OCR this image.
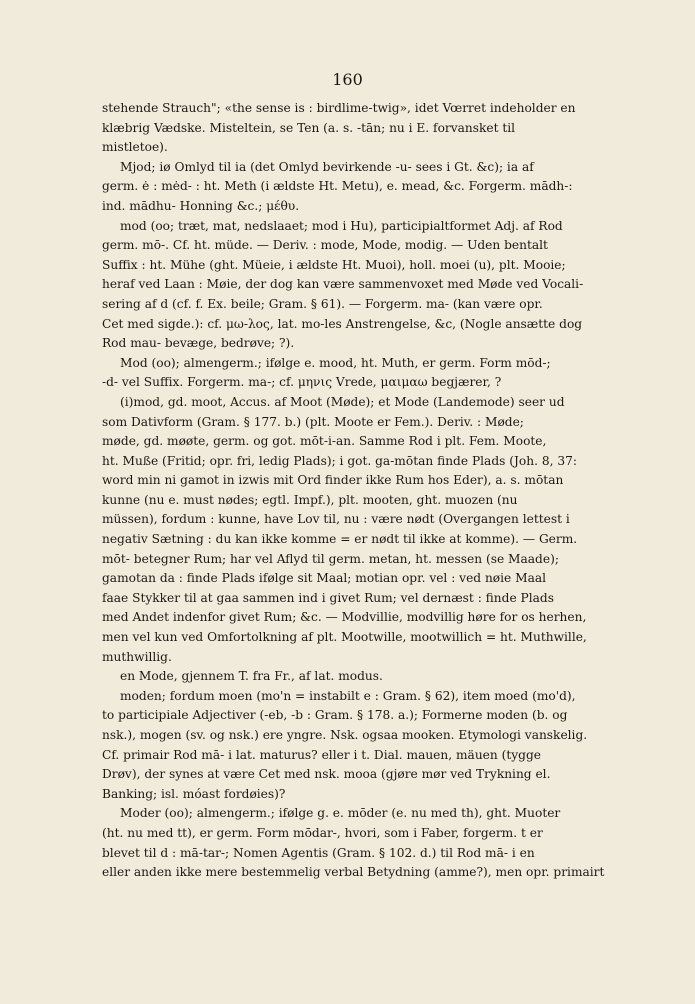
160
stehende Strauch"; «the sense is : birdlime-twig», idet Vœrret indeholder en
klæbrig Vædske. Misteltein, se Ten (a. s. -tān; nu i E. forvansket til
mistletoe).
Mjod; iø Omlyd til ia (det Omlyd bevirkende -u- sees i Gt. &c); ia af
germ. ė : mėd- : ht. Meth (i ældste Ht. Metu), e. mead, &c. Forgerm. mādh-:
ind. mādhu- Honning &c.; μέθυ.
mod (oo; træt, mat, nedslaaet; mod i Hu), participialtformet Adj. af Rod
germ. mō-. Cf. ht. müde. — Deriv. : mode, Mode, modig. — Uden bentalt
Suffix : ht. Mühe (ght. Müeie, i ældste Ht. Muoi), holl. moei (u), plt. Mooie;
heraf ved Laan : Møie, der dog kan være sammenvoxet med Møde ved Vocali-
sering af d (cf. f. Ex. beile; Gram. § 61). — Forgerm. ma- (kan være opr.
Cet med sigde.): cf. μω-λος, lat. mo-les Anstrengelse, &c, (Nogle ansætte dog
Rod mau- bevæge, bedrøve; ?).
Mod (oo); almengerm.; ifølge e. mood, ht. Muth, er germ. Form mōd-;
-d- vel Suffix. Forgerm. ma-; cf. μηνις Vrede, μαιμαω begjærer, ?
(i)mod, gd. moot, Accus. af Moot (Møde); et Mode (Landemode) seer ud
som Dativform (Gram. § 177. b.) (plt. Moote er Fem.). Deriv. : Møde;
møde, gd. møøte, germ. og got. mōt-i-an. Samme Rod i plt. Fem. Moote,
ht. Muße (Fritid; opr. fri, ledig Plads); i got. ga-mōtan finde Plads (Joh. 8, 37:
word min ni gamot in izwis mit Ord finder ikke Rum hos Eder), a. s. mōtan
kunne (nu e. must nødes; egtl. Impf.), plt. mooten, ght. muozen (nu
müssen), fordum : kunne, have Lov til, nu : være nødt (Overgangen lettest i
negativ Sætning : du kan ikke komme = er nødt til ikke at komme). — Germ.
mōt- betegner Rum; har vel Aflyd til germ. metan, ht. messen (se Maade);
gamotan da : finde Plads ifølge sit Maal; motian opr. vel : ved nøie Maal
faae Stykker til at gaa sammen ind i givet Rum; vel dernæst : finde Plads
med Andet indenfor givet Rum; &c. — Modvillie, modvillig høre for os herhen,
men vel kun ved Omfortolkning af plt. Mootwille, mootwillich = ht. Muthwille,
muthwillig.
en Mode, gjennem T. fra Fr., af lat. modus.
moden; fordum moen (mo'n = instabilt e : Gram. § 62), item moed (mo'd),
to participiale Adjectiver (-eb, -b : Gram. § 178. a.); Formerne moden (b. og
nsk.), mogen (sv. og nsk.) ere yngre. Nsk. ogsaa mooken. Etymologi vanskelig.
Cf. primair Rod mā- i lat. maturus? eller i t. Dial. mauen, mäuen (tygge
Drøv), der synes at være Cet med nsk. mooa (gjøre mør ved Trykning el.
Banking; isl. móast fordøies)?
Moder (oo); almengerm.; ifølge g. e. mōder (e. nu med th), ght. Muoter
(ht. nu med tt), er germ. Form mōdar-, hvori, som i Faber, forgerm. t er
blevet til d : mā-tar-; Nomen Agentis (Gram. § 102. d.) til Rod mā- i en
eller anden ikke mere bestemmelig verbal Betydning (amme?), men opr. primairt
